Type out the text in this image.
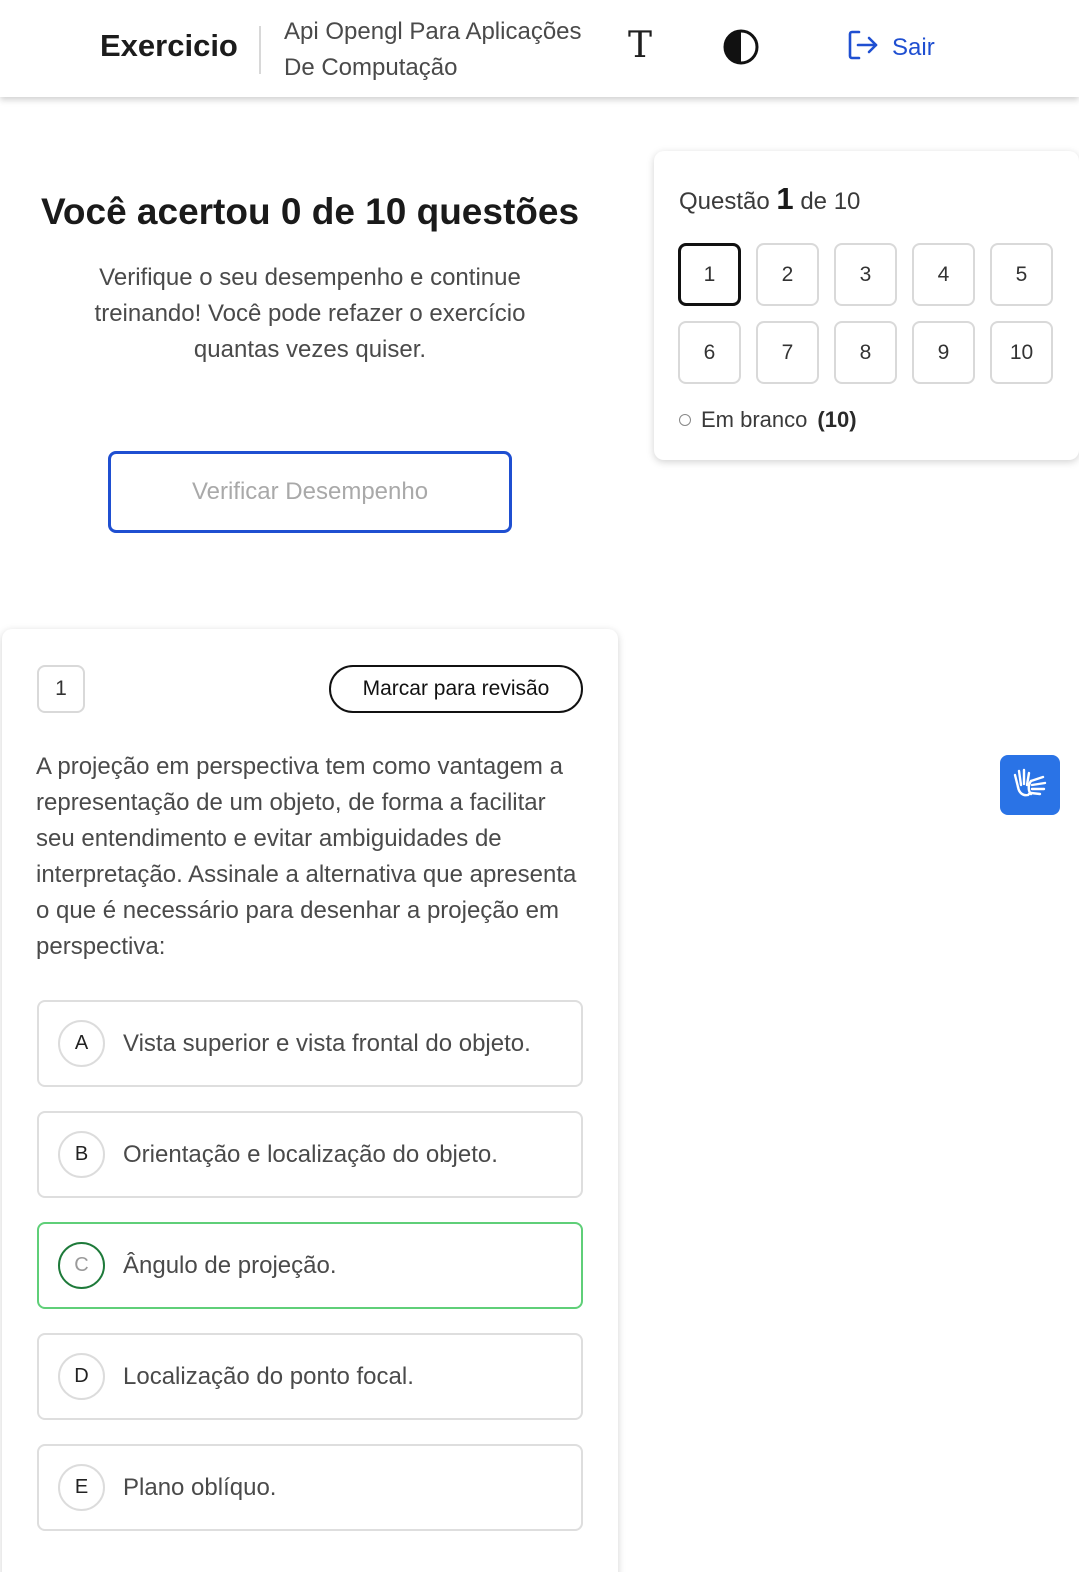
Exercicio Api Opengl Para Aplicações De Computação
T	Sair
Você acertou 0 de 10 questões
Verifique o seu desempenho e continue treinando! Você pode refazer o exercício quantas vezes quiser.
Verificar Desempenho
Questão 1 de 10
1	2	3	4	5
6	7	8	9	10
Em branco (10)
1	Marcar para revisão
A projeção em perspectiva tem como vantagem a representação de um objeto, de forma a facilitar seu entendimento e evitar ambiguidades de interpretação. Assinale a alternativa que apresenta o que é necessário para desenhar a projeção em perspectiva:
A	Vista superior e vista frontal do objeto.
B	Orientação e localização do objeto.
C	Ângulo de projeção.
D	Localização do ponto focal.
E	Plano oblíquo.
